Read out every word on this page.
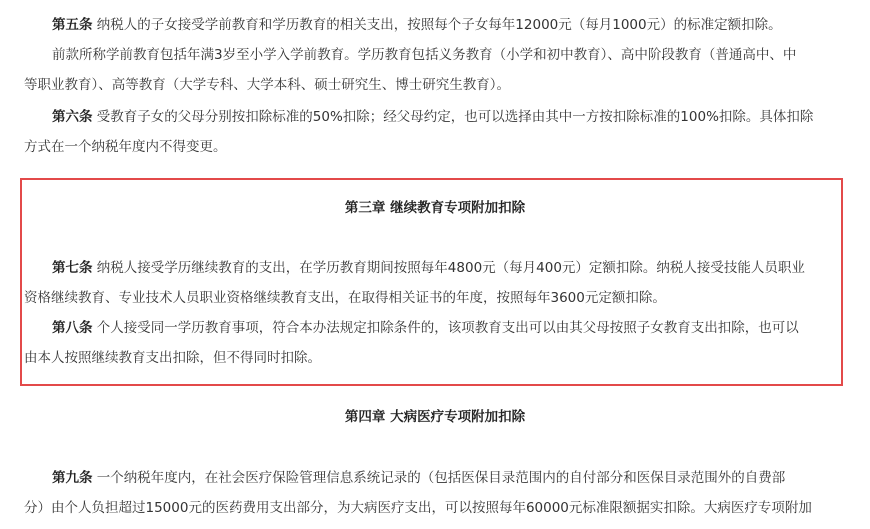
第五条 纳税人的子女接受学前教育和学历教育的相关支出，按照每个子女每年12000元（每月1000元）的标准定额扣除。
前款所称学前教育包括年满3岁至小学入学前教育。学历教育包括义务教育（小学和初中教育）、高中阶段教育（普通高中、中
等职业教育）、高等教育（大学专科、大学本科、硕士研究生、博士研究生教育）。
第六条 受教育子女的父母分别按扣除标准的50%扣除；经父母约定，也可以选择由其中一方按扣除标准的100%扣除。具体扣除
方式在一个纳税年度内不得变更。
第三章 继续教育专项附加扣除
第七条 纳税人接受学历继续教育的支出，在学历教育期间按照每年4800元（每月400元）定额扣除。纳税人接受技能人员职业
资格继续教育、专业技术人员职业资格继续教育支出，在取得相关证书的年度，按照每年3600元定额扣除。
第八条 个人接受同一学历教育事项，符合本办法规定扣除条件的，该项教育支出可以由其父母按照子女教育支出扣除，也可以
由本人按照继续教育支出扣除，但不得同时扣除。
第四章 大病医疗专项附加扣除
第九条 一个纳税年度内，在社会医疗保险管理信息系统记录的（包括医保目录范围内的自付部分和医保目录范围外的自费部
分）由个人负担超过15000元的医药费用支出部分，为大病医疗支出，可以按照每年60000元标准限额据实扣除。大病医疗专项附加
